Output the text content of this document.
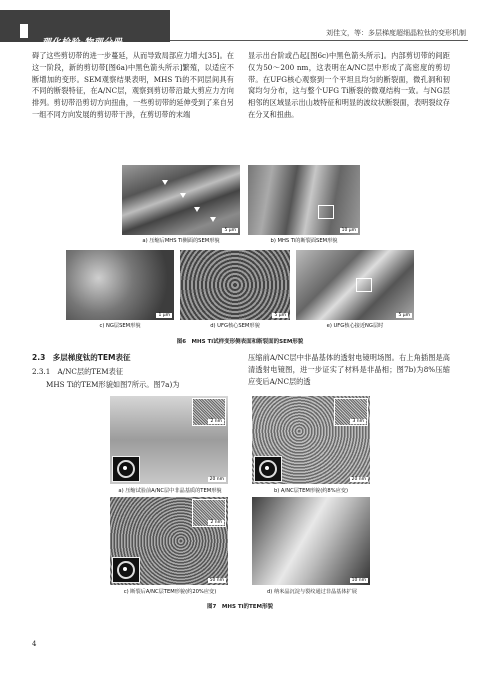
理化检验-物理分册
刘佳文，等：多层梯度超细晶粒钛的变形机制

碍了这些剪切带的进一步蔓延，从而导致局部应力增大[35]。在这一阶段，新的剪切带[图6a)中黑色箭头所示]繁殖，以适应不断增加的变形。SEM观察结果表明，MHS Ti的不同层间具有不同的断裂特征，在A/NC层，观察到剪切带沿最大剪应力方向排列。剪切带沿剪切方向扭曲，一些剪切带的延伸受到了来自另一组不同方向发展的剪切带干涉，在剪切带的末端

显示出台阶或凸起[图6c)中黑色箭头所示]。内部剪切带的间距仅为50～200 nm，这表明在A/NC层中形成了高密度的剪切带。在UFG核心观察到一个平坦且均匀的断裂面，微孔洞和韧窝均匀分布，这与整个UFG Ti断裂的微观结构一致。与NG层相邻的区域显示出山坡特征和明显的波纹状断裂面，表明裂纹存在分叉和扭曲。

5 μm	10 μm
a) 压缩后MHS Ti侧面的SEM形貌	b) MHS Ti的断裂面SEM形貌
1 μm	5 μm	5 μm
c) NG层SEM形貌	d) UFG核心SEM形貌	e) UFG核心接近NG层时
图6　MHS Ti试样变形侧表面和断裂面的SEM形貌
2.3　多层梯度钛的TEM表征
2.3.1　A/NC层的TEM表征

MHS Ti的TEM形貌如图7所示。图7a)为

压缩前A/NC层中非晶基体的透射电镜明场图。右上角插图是高清透射电镜图，进一步证实了材料是非晶相；图7b)为8%压缩应变后A/NC层的透

2 nm
20 nm
3 nm
20 nm
a) 压缩试验前A/NC层中非晶基质的TEM形貌	b) A/NC层TEM形貌(约8%应变)
2 nm
50 nm	10 nm
c) 断裂后A/NC层TEM形貌(约20%应变)	d) 纳米晶沉淀与裂纹通过非晶基体扩展
图7　MHS Ti的TEM形貌
4
